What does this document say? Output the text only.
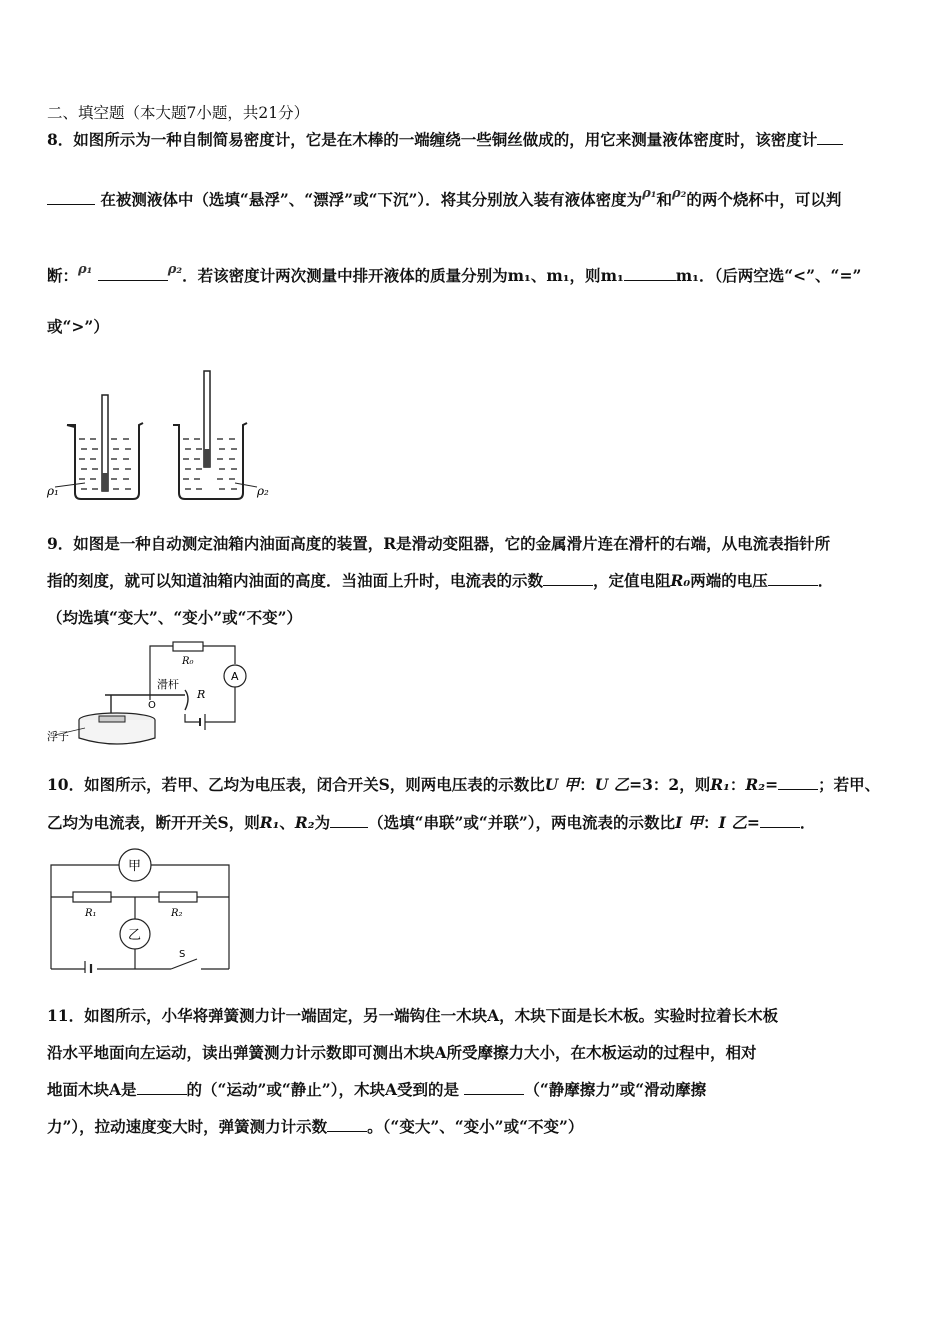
二、填空题（本大题7小题，共21分）
8．如图所示为一种自制简易密度计，它是在木棒的一端缠绕一些铜丝做成的，用它来测量液体密度时，该密度计
在被测液体中（选填“悬浮”、“漂浮”或“下沉”）．将其分别放入装有液体密度为$^{\rho_1}$和$^{\rho_2}$的两个烧杯中，可以判
断：$^{\rho_1}$	$^{\rho_2}$．若该密度计两次测量中排开液体的质量分别为m₁、m₁，则m₁	m₁．（后两空选“<”、“=”
或“>”）
ρ₁	ρ₂
9．如图是一种自动测定油箱内油面高度的装置，R是滑动变阻器，它的金属滑片连在滑杆的右端，从电流表指针所
指的刻度，就可以知道油箱内油面的高度．当油面上升时，电流表的示数	，定值电阻R₀两端的电压	．
（均选填“变大”、“变小”或“不变”）
R₀
A
滑杆
R
O
浮子
10．如图所示，若甲、乙均为电压表，闭合开关S，则两电压表的示数比U 甲：U 乙=3：2，则R₁：R₂=	；若甲、
乙均为电流表，断开开关S，则R₁、R₂为 （选填“串联”或“并联”），两电流表的示数比I 甲：I 乙=	．
甲
R₁	R₂
乙
S
11．如图所示，小华将弹簧测力计一端固定，另一端钩住一木块A，木块下面是长木板。实验时拉着长木板
沿水平地面向左运动，读出弹簧测力计示数即可测出木块A所受摩擦力大小，在木板运动的过程中，相对
地面木块A是	的（“运动”或“静止”），木块A受到的是	（“静摩擦力”或“滑动摩擦
力”），拉动速度变大时，弹簧测力计示数	。（“变大”、“变小”或“不变”）
